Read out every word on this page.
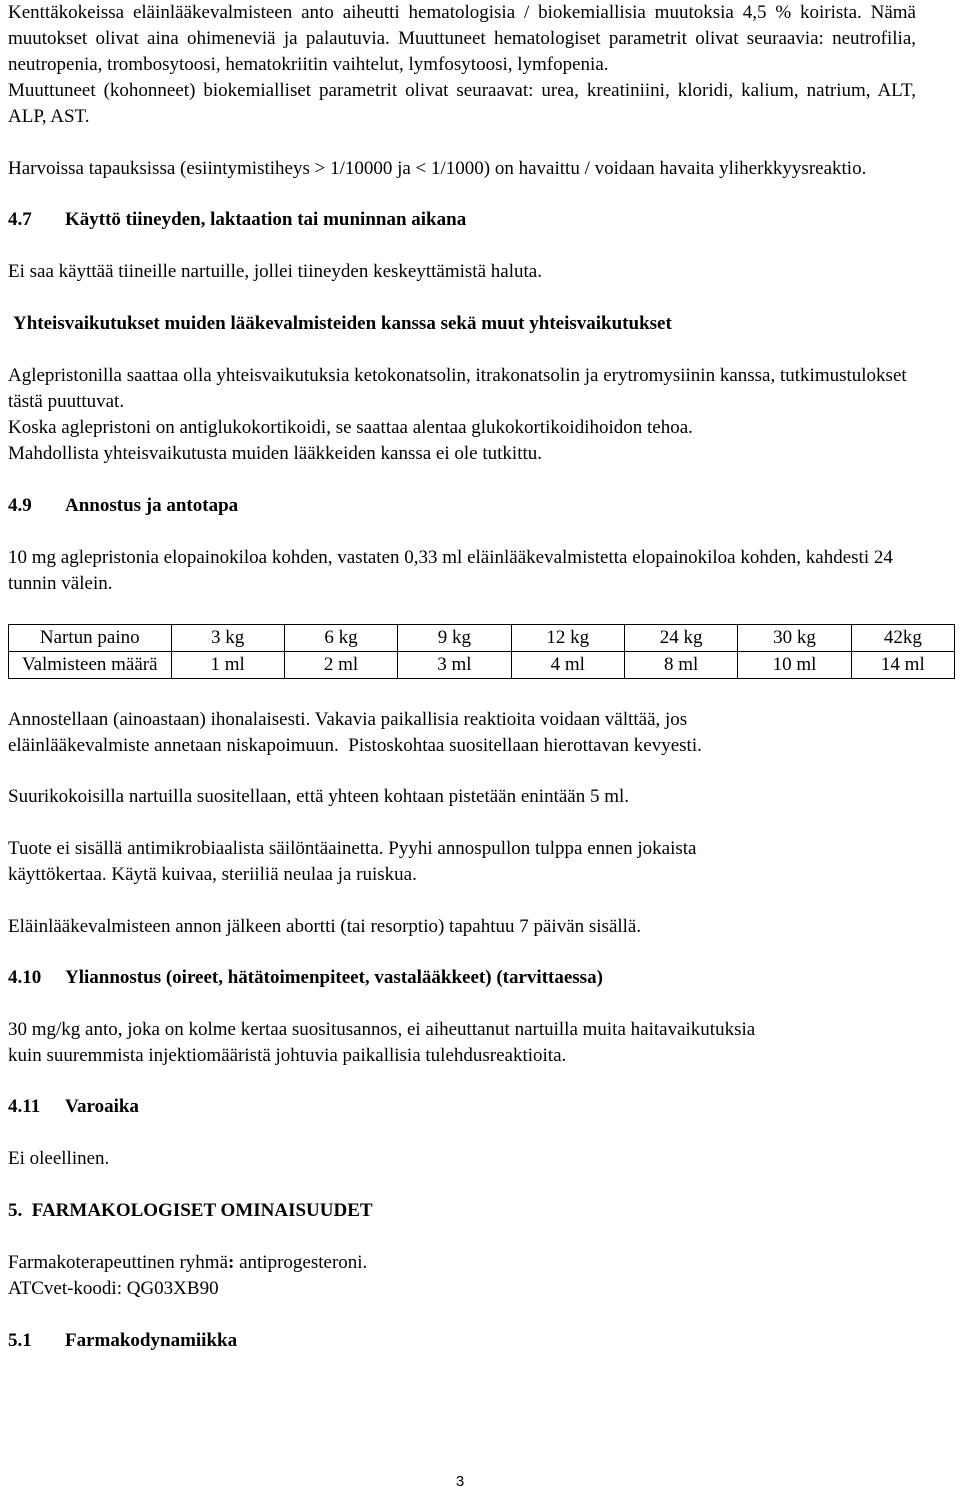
Kenttäkokeissa eläinlääkevalmisteen anto aiheutti hematologisia / biokemiallisia muutoksia 4,5 % koirista. Nämä muutokset olivat aina ohimeneviä ja palautuvia. Muuttuneet hematologiset parametrit olivat seuraavia: neutrofilia, neutropenia, trombosytoosi, hematokriitin vaihtelut, lymfosytoosi, lymfopenia.

Muuttuneet (kohonneet) biokemialliset parametrit olivat seuraavat: urea, kreatiniini, kloridi, kalium, natrium, ALT, ALP, AST.

Harvoissa tapauksissa (esiintymistiheys > 1/10000 ja < 1/1000) on havaittu / voidaan havaita yliherkkyysreaktio.

4.7 Käyttö tiineyden, laktaation tai muninnan aikana

Ei saa käyttää tiineille nartuille, jollei tiineyden keskeyttämistä haluta.

Yhteisvaikutukset muiden lääkevalmisteiden kanssa sekä muut yhteisvaikutukset

Aglepristonilla saattaa olla yhteisvaikutuksia ketokonatsolin, itrakonatsolin ja erytromysiinin kanssa, tutkimustulokset tästä puuttuvat.

Koska aglepristoni on antiglukokortikoidi, se saattaa alentaa glukokortikoidihoidon tehoa.

Mahdollista yhteisvaikutusta muiden lääkkeiden kanssa ei ole tutkittu.

4.9 Annostus ja antotapa

10 mg aglepristonia elopainokiloa kohden, vastaten 0,33 ml eläinlääkevalmistetta elopainokiloa kohden, kahdesti 24 tunnin välein.

Nartun paino	3 kg	6 kg	9 kg	12 kg	24 kg	30 kg	42kg
Valmisteen määrä	1 ml	2 ml	3 ml	4 ml	8 ml	10 ml	14 ml

Annostellaan (ainoastaan) ihonalaisesti. Vakavia paikallisia reaktioita voidaan välttää, jos

eläinlääkevalmiste annetaan niskapoimuun.  Pistoskohtaa suositellaan hierottavan kevyesti.

Suurikokoisilla nartuilla suositellaan, että yhteen kohtaan pistetään enintään 5 ml.

Tuote ei sisällä antimikrobiaalista säilöntäainetta. Pyyhi annospullon tulppa ennen jokaista

käyttökertaa. Käytä kuivaa, steriiliä neulaa ja ruiskua.

Eläinlääkevalmisteen annon jälkeen abortti (tai resorptio) tapahtuu 7 päivän sisällä.

4.10 Yliannostus (oireet, hätätoimenpiteet, vastalääkkeet) (tarvittaessa)

30 mg/kg anto, joka on kolme kertaa suositusannos, ei aiheuttanut nartuilla muita haitavaikutuksia

kuin suuremmista injektiomääristä johtuvia paikallisia tulehdusreaktioita.

4.11 Varoaika

Ei oleellinen.

5.  FARMAKOLOGISET OMINAISUUDET

Farmakoterapeuttinen ryhmä: antiprogesteroni.

ATCvet-koodi: QG03XB90

5.1 Farmakodynamiikka

3
